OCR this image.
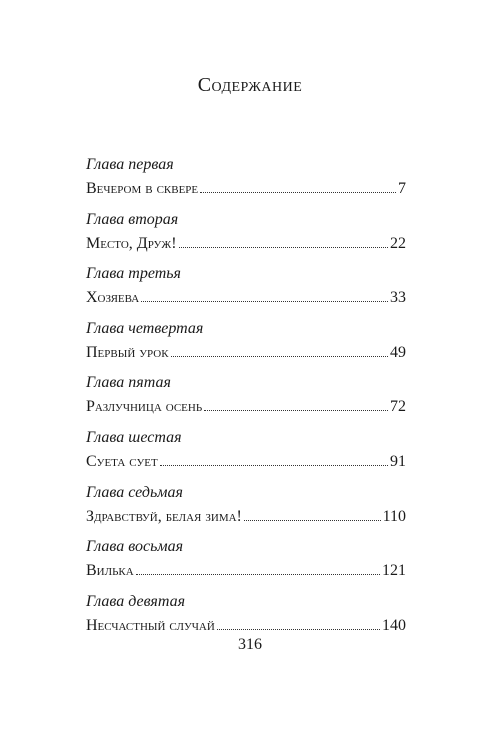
Содержание
Глава первая
Вечером в сквере	7
Глава вторая
Место, Друж!	22
Глава третья
Хозяева	33
Глава четвертая
Первый урок	49
Глава пятая
Разлучница осень	72
Глава шестая
Суета сует	91
Глава седьмая
Здравствуй, белая зима!	110
Глава восьмая
Вилька	121
Глава девятая
Несчастный случай	140
316
